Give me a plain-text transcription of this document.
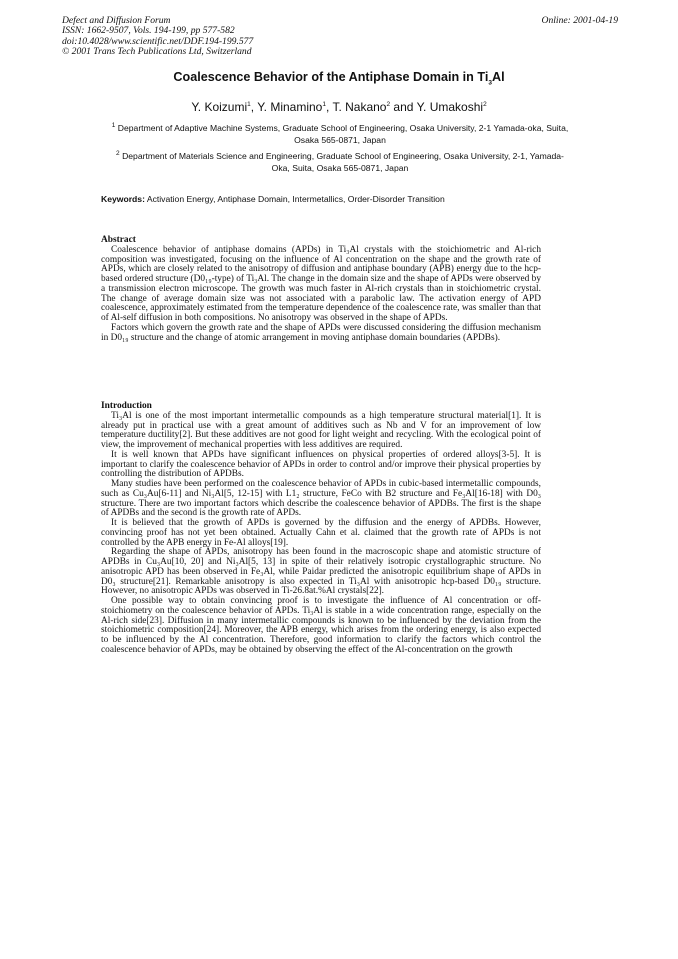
Defect and Diffusion Forum
ISSN: 1662-9507, Vols. 194-199, pp 577-582
doi:10.4028/www.scientific.net/DDF.194-199.577
© 2001 Trans Tech Publications Ltd, Switzerland
Online: 2001-04-19
Coalescence Behavior of the Antiphase Domain in $Ti_3Al$
Y. Koizumi$^1$, Y. Minamino$^1$, T. Nakano$^2$ and Y. Umakoshi$^2$
$^1$ Department of Adaptive Machine Systems, Graduate School of Engineering, Osaka University, 2-1 Yamada-oka, Suita, Osaka 565-0871, Japan
$^2$ Department of Materials Science and Engineering, Graduate School of Engineering, Osaka University, 2-1, Yamada-Oka, Suita, Osaka 565-0871, Japan
Keywords: Activation Energy, Antiphase Domain, Intermetallics, Order-Disorder Transition
Abstract

Coalescence behavior of antiphase domains (APDs) in Ti₃Al crystals with the stoichiometric and Al-rich composition was investigated, focusing on the influence of Al concentration on the shape and the growth rate of APDs, which are closely related to the anisotropy of diffusion and antiphase boundary (APB) energy due to the hcp-based ordered structure (D0₁₉-type) of Ti₃Al. The change in the domain size and the shape of APDs were observed by a transmission electron microscope. The growth was much faster in Al-rich crystals than in stoichiometric crystal. The change of average domain size was not associated with a parabolic law. The activation energy of APD coalescence, approximately estimated from the temperature dependence of the coalescence rate, was smaller than that of Al-self diffusion in both compositions. No anisotropy was observed in the shape of APDs.

Factors which govern the growth rate and the shape of APDs were discussed considering the diffusion mechanism in D0₁₉ structure and the change of atomic arrangement in moving antiphase domain boundaries (APDBs).

Introduction

Ti₃Al is one of the most important intermetallic compounds as a high temperature structural material[1]. It is already put in practical use with a great amount of additives such as Nb and V for an improvement of low temperature ductility[2]. But these additives are not good for light weight and recycling. With the ecological point of view, the improvement of mechanical properties with less additives are required.

It is well known that APDs have significant influences on physical properties of ordered alloys[3-5]. It is important to clarify the coalescence behavior of APDs in order to control and/or improve their physical properties by controlling the distribution of APDBs.

Many studies have been performed on the coalescence behavior of APDs in cubic-based intermetallic compounds, such as Cu₃Au[6-11] and Ni₃Al[5, 12-15] with L1₂ structure, FeCo with B2 structure and Fe₃Al[16-18] with D0₃ structure. There are two important factors which describe the coalescence behavior of APDBs. The first is the shape of APDBs and the second is the growth rate of APDs.

It is believed that the growth of APDs is governed by the diffusion and the energy of APDBs. However, convincing proof has not yet been obtained. Actually Cahn et al. claimed that the growth rate of APDs is not controlled by the APB energy in Fe-Al alloys[19].

Regarding the shape of APDs, anisotropy has been found in the macroscopic shape and atomistic structure of APDBs in Cu₃Au[10, 20] and Ni₃Al[5, 13] in spite of their relatively isotropic crystallographic structure. No anisotropic APD has been observed in Fe₃Al, while Paidar predicted the anisotropic equilibrium shape of APDs in D0₃ structure[21]. Remarkable anisotropy is also expected in Ti₃Al with anisotropic hcp-based D0₁₉ structure. However, no anisotropic APDs was observed in Ti-26.8at.%Al crystals[22].

One possible way to obtain convincing proof is to investigate the influence of Al concentration or off-stoichiometry on the coalescence behavior of APDs. Ti₃Al is stable in a wide concentration range, especially on the Al-rich side[23]. Diffusion in many intermetallic compounds is known to be influenced by the deviation from the stoichiometric composition[24]. Moreover, the APB energy, which arises from the ordering energy, is also expected to be influenced by the Al concentration. Therefore, good information to clarify the factors which control the coalescence behavior of APDs, may be obtained by observing the effect of the Al-concentration on the growth
